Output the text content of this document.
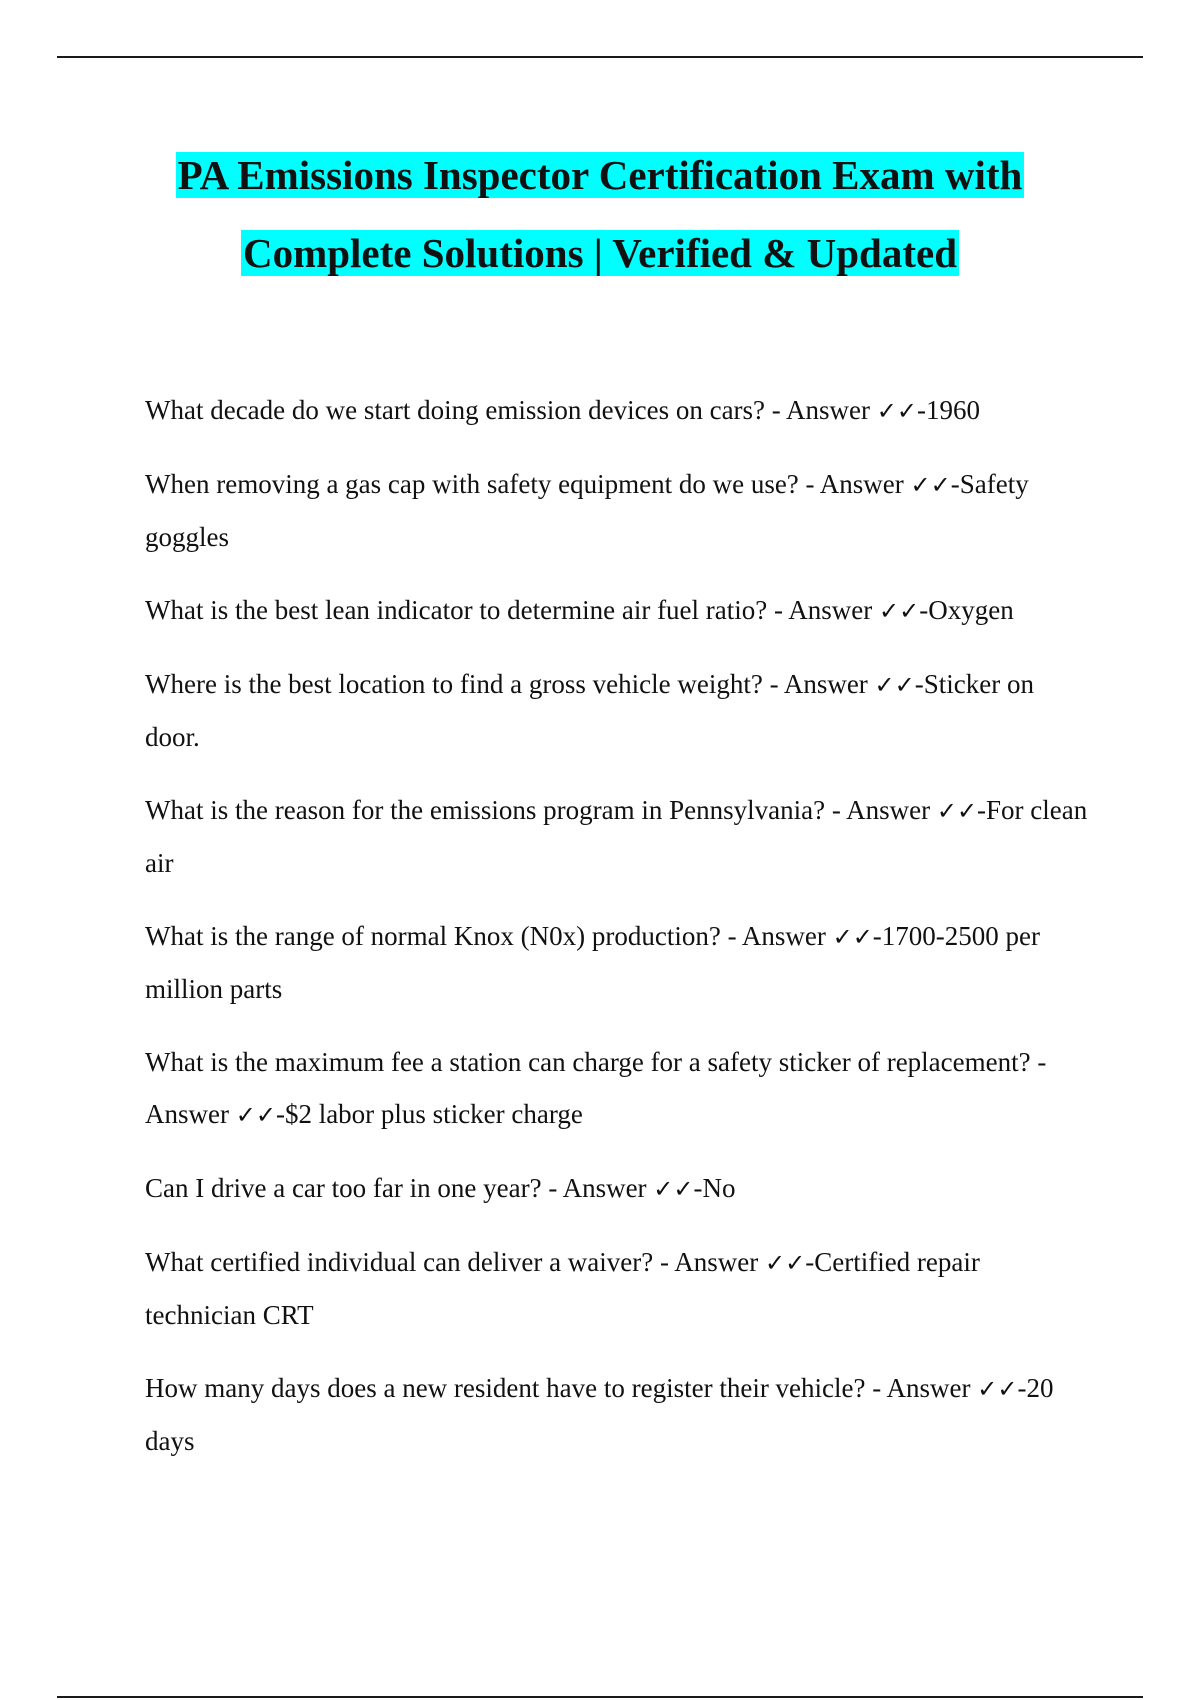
PA Emissions Inspector Certification Exam with
Complete Solutions | Verified & Updated
What decade do we start doing emission devices on cars? - Answer ✓✓-1960
When removing a gas cap with safety equipment do we use? - Answer ✓✓-Safety goggles
What is the best lean indicator to determine air fuel ratio? - Answer ✓✓-Oxygen
Where is the best location to find a gross vehicle weight? - Answer ✓✓-Sticker on door.
What is the reason for the emissions program in Pennsylvania? - Answer ✓✓-For clean air
What is the range of normal Knox (N0x) production? - Answer ✓✓-1700-2500 per million parts
What is the maximum fee a station can charge for a safety sticker of replacement? - Answer ✓✓-$2 labor plus sticker charge
Can I drive a car too far in one year? - Answer ✓✓-No
What certified individual can deliver a waiver? - Answer ✓✓-Certified repair technician CRT
How many days does a new resident have to register their vehicle? - Answer ✓✓-20 days
